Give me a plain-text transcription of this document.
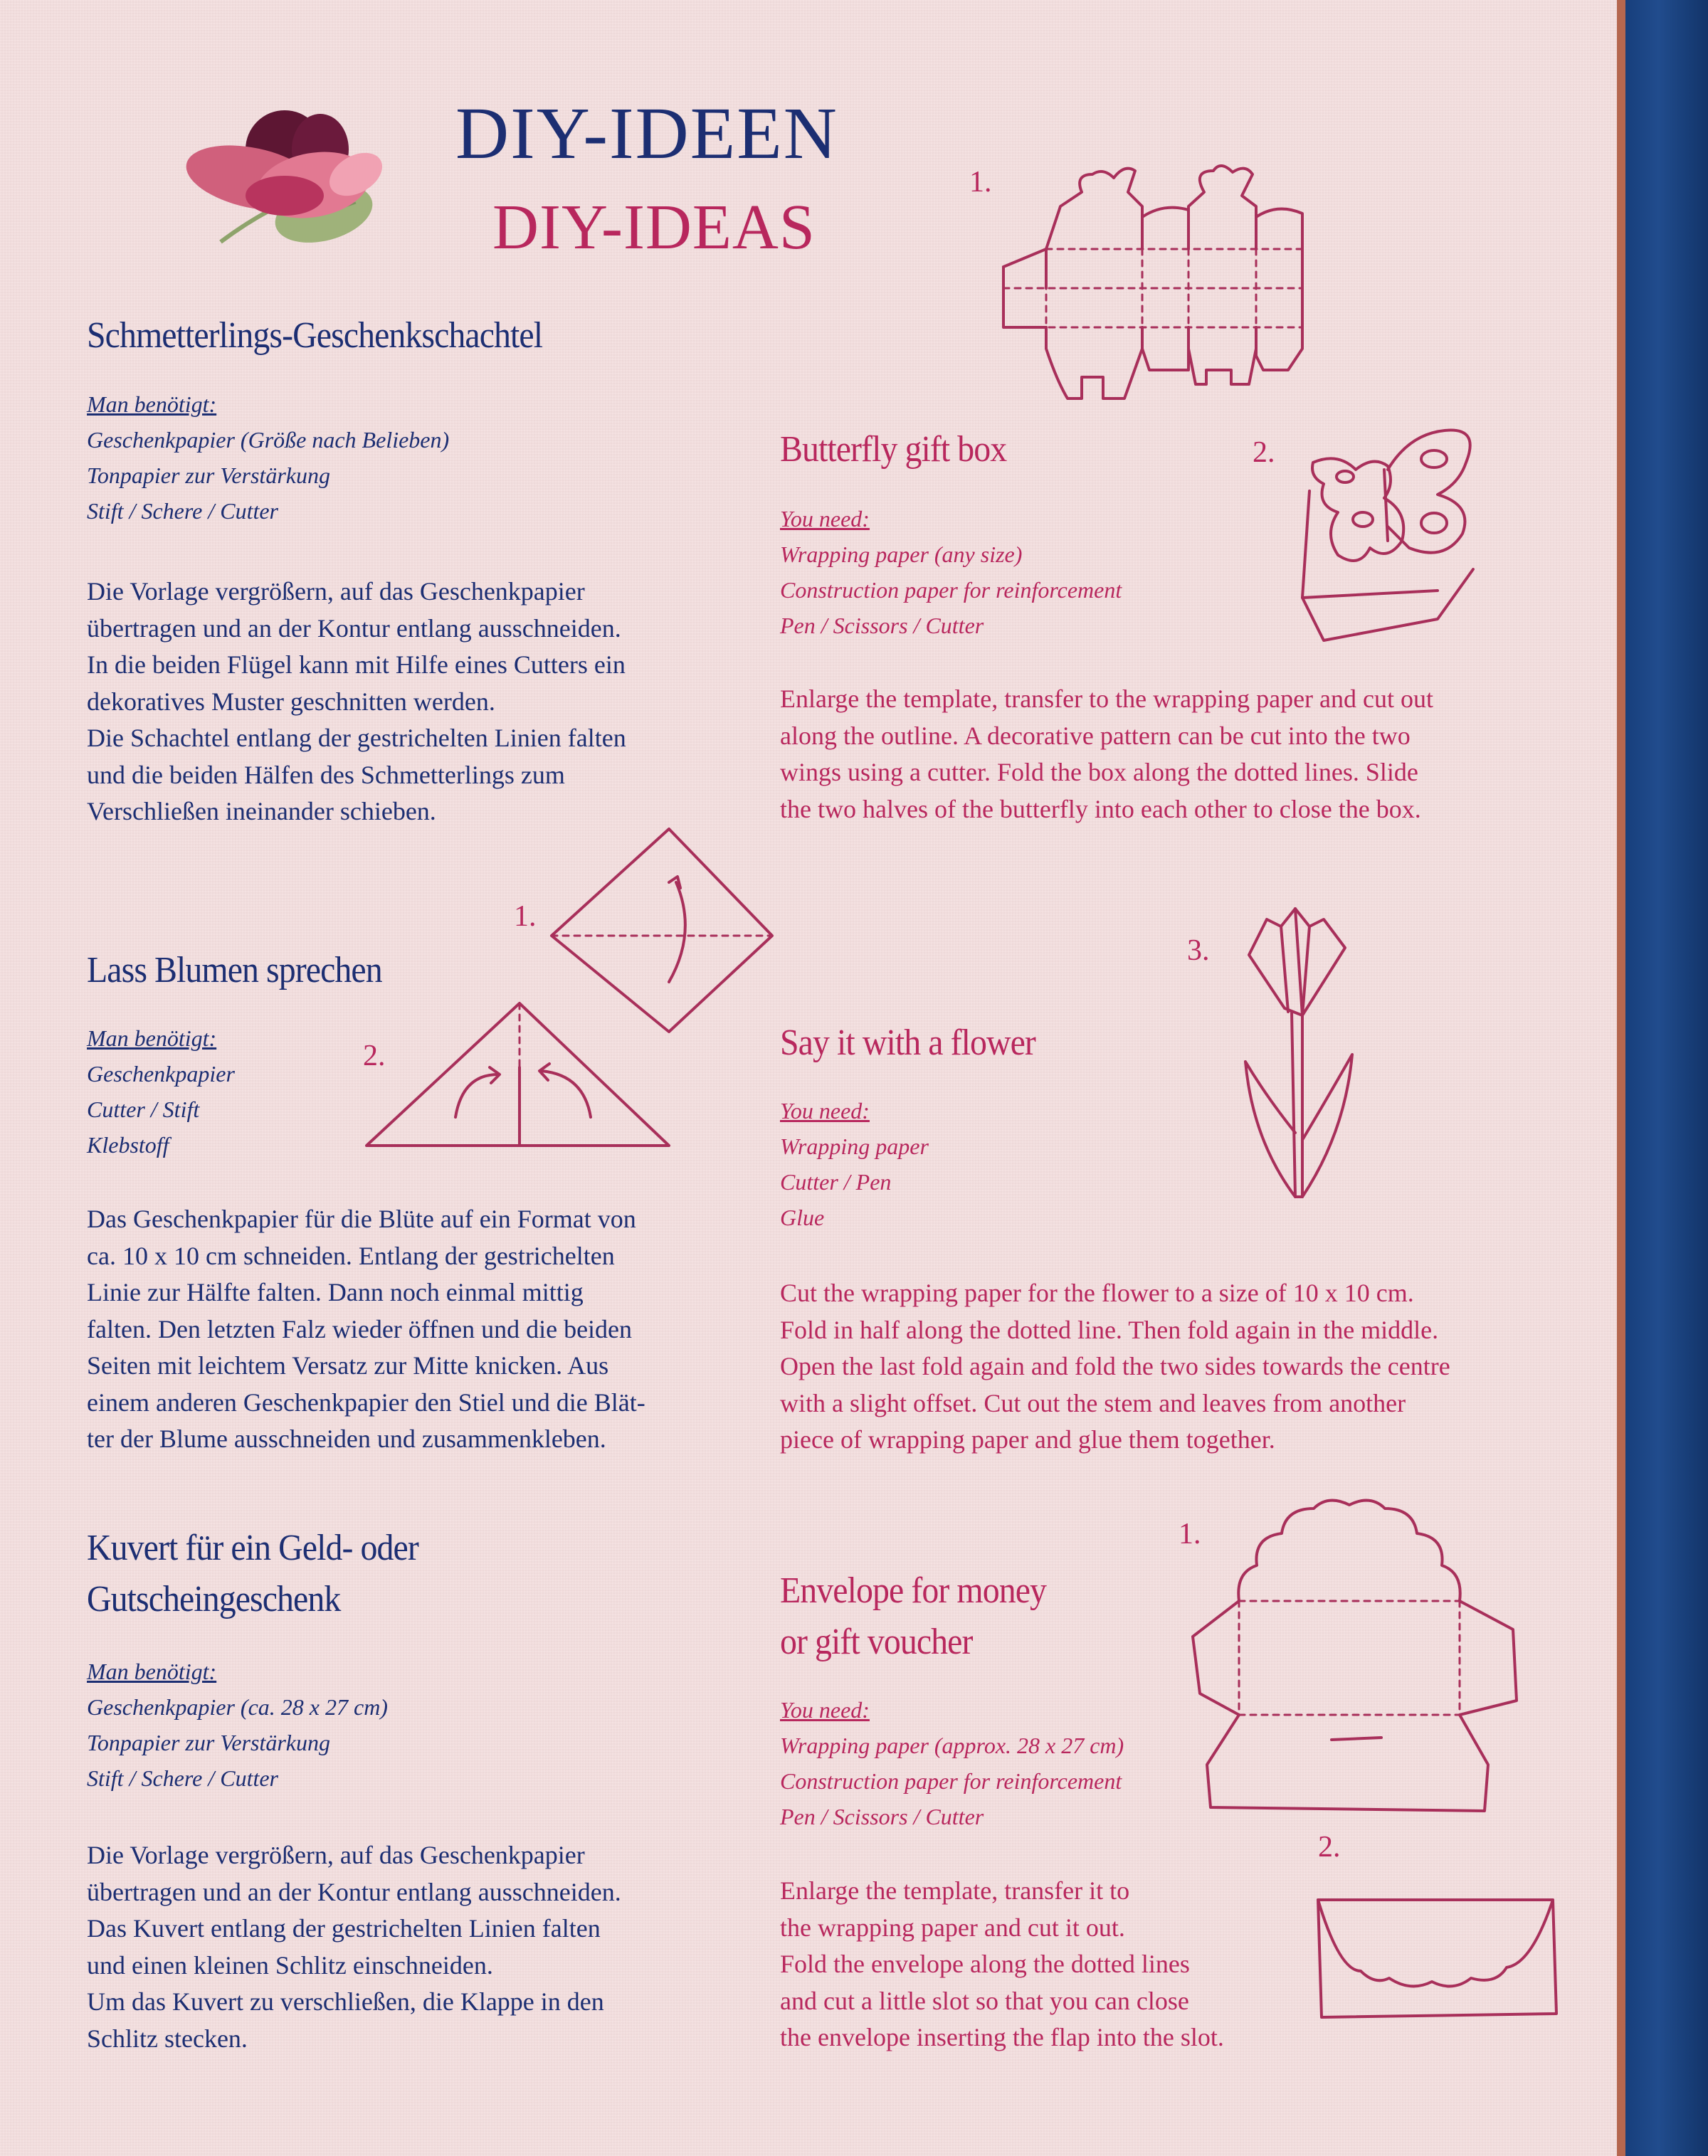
DIY-IDEEN
DIY-IDEAS
Schmetterlings-Geschenkschachtel
Man benötigt:
Geschenkpapier (Größe nach Belieben)
Tonpapier zur Verstärkung
Stift / Schere / Cutter
Die Vorlage vergrößern, auf das Geschenkpapier
übertragen und an der Kontur entlang ausschneiden.
In die beiden Flügel kann mit Hilfe eines Cutters ein
dekoratives Muster geschnitten werden.
Die Schachtel entlang der gestrichelten Linien falten
und die beiden Hälfen des Schmetterlings zum
Verschließen ineinander schieben.
Butterfly gift box
You need:
Wrapping paper (any size)
Construction paper for reinforcement
Pen / Scissors / Cutter
Enlarge the template, transfer to the wrapping paper and cut out
along the outline. A decorative pattern can be cut into the two
wings using a cutter. Fold the box along the dotted lines. Slide
the two halves of the butterfly into each other to close the box.
1.
2.
Lass Blumen sprechen
Man benötigt:
Geschenkpapier
Cutter / Stift
Klebstoff
Das Geschenkpapier für die Blüte auf ein Format von
ca. 10 x 10 cm schneiden. Entlang der gestrichelten
Linie zur Hälfte falten. Dann noch einmal mittig
falten. Den letzten Falz wieder öffnen und die beiden
Seiten mit leichtem Versatz zur Mitte knicken. Aus
einem anderen Geschenkpapier den Stiel und die Blät-
ter der Blume ausschneiden und zusammenkleben.
Say it with a flower
You need:
Wrapping paper
Cutter / Pen
Glue
Cut the wrapping paper for the flower to a size of 10 x 10 cm.
Fold in half along the dotted line. Then fold again in the middle.
Open the last fold again and fold the two sides towards the centre
with a slight offset. Cut out the stem and leaves from another
piece of wrapping paper and glue them together.
1.
2.
3.
Kuvert für ein Geld- oder
Gutscheingeschenk
Man benötigt:
Geschenkpapier (ca. 28 x 27 cm)
Tonpapier zur Verstärkung
Stift / Schere / Cutter
Die Vorlage vergrößern, auf das Geschenkpapier
übertragen und an der Kontur entlang ausschneiden.
Das Kuvert entlang der gestrichelten Linien falten
und einen kleinen Schlitz einschneiden.
Um das Kuvert zu verschließen, die Klappe in den
Schlitz stecken.
Envelope for money
or gift voucher
You need:
Wrapping paper (approx. 28 x 27 cm)
Construction paper for reinforcement
Pen / Scissors / Cutter
Enlarge the template, transfer it to
the wrapping paper and cut it out.
Fold the envelope along the dotted lines
and cut a little slot so that you can close
the envelope inserting the flap into the slot.
1.
2.
